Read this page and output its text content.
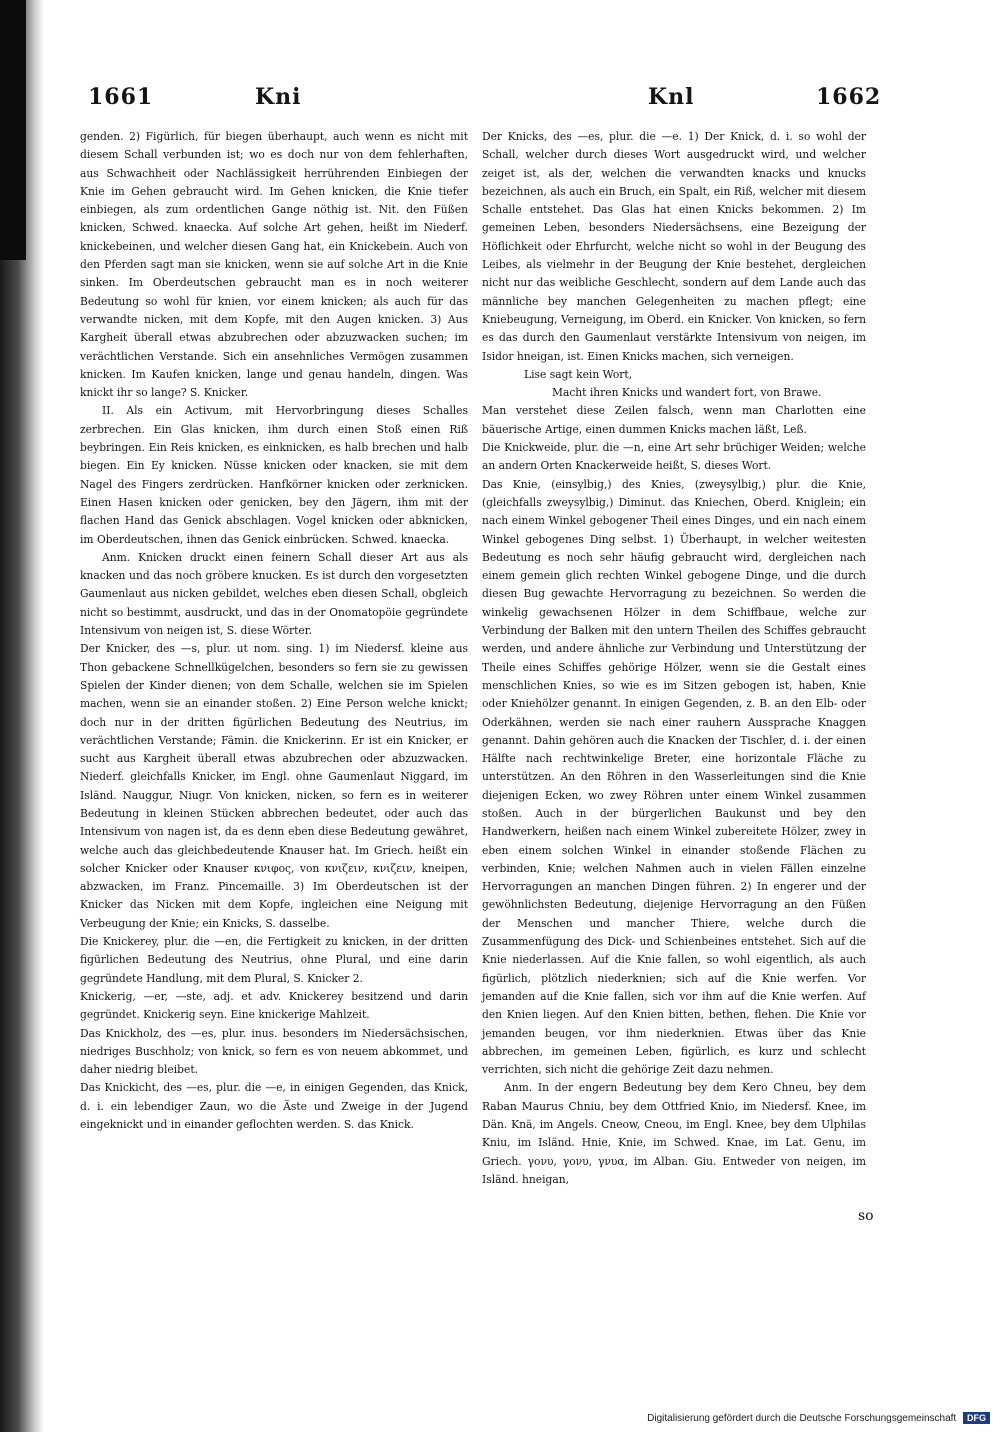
1661	Kni	Knl	1662

genden. 2) Figürlich, für biegen überhaupt, auch wenn es nicht mit diesem Schall verbunden ist; wo es doch nur von dem fehlerhaften, aus Schwachheit oder Nachlässigkeit herrührenden Einbiegen der Knie im Gehen gebraucht wird. Im Gehen knicken, die Knie tiefer einbiegen, als zum ordentlichen Gange nöthig ist. Nit. den Füßen knicken, Schwed. knaecka. Auf solche Art gehen, heißt im Niederf. knickebeinen, und welcher diesen Gang hat, ein Knickebein. Auch von den Pferden sagt man sie knicken, wenn sie auf solche Art in die Knie sinken. Im Oberdeutschen gebraucht man es in noch weiterer Bedeutung so wohl für knien, vor einem knicken; als auch für das verwandte nicken, mit dem Kopfe, mit den Augen knicken. 3) Aus Kargheit überall etwas abzubrechen oder abzuzwacken suchen; im verächtlichen Verstande. Sich ein ansehnliches Vermögen zusammen knicken. Im Kaufen knicken, lange und genau handeln, dingen. Was knickt ihr so lange? S. Knicker.

II. Als ein Activum, mit Hervorbringung dieses Schalles zerbrechen. Ein Glas knicken, ihm durch einen Stoß einen Riß beybringen. Ein Reis knicken, es einknicken, es halb brechen und halb biegen. Ein Ey knicken. Nüsse knicken oder knacken, sie mit dem Nagel des Fingers zerdrücken. Hanfkörner knicken oder zerknicken. Einen Hasen knicken oder genicken, bey den Jägern, ihm mit der flachen Hand das Genick abschlagen. Vogel knicken oder abknicken, im Oberdeutschen, ihnen das Genick einbrücken. Schwed. knaecka.

Anm. Knicken druckt einen feinern Schall dieser Art aus als knacken und das noch gröbere knucken. Es ist durch den vorgesetzten Gaumenlaut aus nicken gebildet, welches eben diesen Schall, obgleich nicht so bestimmt, ausdruckt, und das in der Onomatopöie gegründete Intensivum von neigen ist, S. diese Wörter.

Der Knicker, des —s, plur. ut nom. sing. 1) im Niedersf. kleine aus Thon gebackene Schnellkügelchen, besonders so fern sie zu gewissen Spielen der Kinder dienen; von dem Schalle, welchen sie im Spielen machen, wenn sie an einander stoßen. 2) Eine Person welche knickt; doch nur in der dritten figürlichen Bedeutung des Neutrius, im verächtlichen Verstande; Fämin. die Knickerinn. Er ist ein Knicker, er sucht aus Kargheit überall etwas abzubrechen oder abzuzwacken. Niederf. gleichfalls Knicker, im Engl. ohne Gaumenlaut Niggard, im Isländ. Nauggur, Niugr. Von knicken, nicken, so fern es in weiterer Bedeutung in kleinen Stücken abbrechen bedeutet, oder auch das Intensivum von nagen ist, da es denn eben diese Bedeutung gewähret, welche auch das gleichbedeutende Knauser hat. Im Griech. heißt ein solcher Knicker oder Knauser κνιφος, von κνιζειν, κνιζειν, kneipen, abzwacken, im Franz. Pincemaille. 3) Im Oberdeutschen ist der Knicker das Nicken mit dem Kopfe, ingleichen eine Neigung mit Verbeugung der Knie; ein Knicks, S. dasselbe.

Die Knickerey, plur. die —en, die Fertigkeit zu knicken, in der dritten figürlichen Bedeutung des Neutrius, ohne Plural, und eine darin gegründete Handlung, mit dem Plural, S. Knicker 2.

Knickerig, —er, —ste, adj. et adv. Knickerey besitzend und darin gegründet. Knickerig seyn. Eine knickerige Mahlzeit.

Das Knickholz, des —es, plur. inus. besonders im Niedersächsischen, niedriges Buschholz; von knick, so fern es von neuem abkommet, und daher niedrig bleibet.

Das Knickicht, des —es, plur. die —e, in einigen Gegenden, das Knick, d. i. ein lebendiger Zaun, wo die Äste und Zweige in der Jugend eingeknickt und in einander geflochten werden. S. das Knick.

Der Knicks, des —es, plur. die —e. 1) Der Knick, d. i. so wohl der Schall, welcher durch dieses Wort ausgedruckt wird, und welcher zeiget ist, als der, welchen die verwandten knacks und knucks bezeichnen, als auch ein Bruch, ein Spalt, ein Riß, welcher mit diesem Schalle entstehet. Das Glas hat einen Knicks bekommen. 2) Im gemeinen Leben, besonders Niedersächsens, eine Bezeigung der Höflichkeit oder Ehrfurcht, welche nicht so wohl in der Beugung des Leibes, als vielmehr in der Beugung der Knie bestehet, dergleichen nicht nur das weibliche Geschlecht, sondern auf dem Lande auch das männliche bey manchen Gelegenheiten zu machen pflegt; eine Kniebeugung, Verneigung, im Oberd. ein Knicker. Von knicken, so fern es das durch den Gaumenlaut verstärkte Intensivum von neigen, im Isidor hneigan, ist. Einen Knicks machen, sich verneigen.

Lise sagt kein Wort,

Macht ihren Knicks und wandert fort, von Brawe.

Man verstehet diese Zeilen falsch, wenn man Charlotten eine bäuerische Artige, einen dummen Knicks machen läßt, Leß.

Die Knickweide, plur. die —n, eine Art sehr brüchiger Weiden; welche an andern Orten Knackerweide heißt, S. dieses Wort.

Das Knie, (einsylbig,) des Knies, (zweysylbig,) plur. die Knie, (gleichfalls zweysylbig,) Diminut. das Kniechen, Oberd. Kniglein; ein nach einem Winkel gebogener Theil eines Dinges, und ein nach einem Winkel gebogenes Ding selbst. 1) Überhaupt, in welcher weitesten Bedeutung es noch sehr häufig gebraucht wird, dergleichen nach einem gemein glich rechten Winkel gebogene Dinge, und die durch diesen Bug gewachte Hervorragung zu bezeichnen. So werden die winkelig gewachsenen Hölzer in dem Schiffbaue, welche zur Verbindung der Balken mit den untern Theilen des Schiffes gebraucht werden, und andere ähnliche zur Verbindung und Unterstützung der Theile eines Schiffes gehörige Hölzer, wenn sie die Gestalt eines menschlichen Knies, so wie es im Sitzen gebogen ist, haben, Knie oder Kniehölzer genannt. In einigen Gegenden, z. B. an den Elb- oder Oderkähnen, werden sie nach einer rauhern Aussprache Knaggen genannt. Dahin gehören auch die Knacken der Tischler, d. i. der einen Hälfte nach rechtwinkelige Breter, eine horizontale Fläche zu unterstützen. An den Röhren in den Wasserleitungen sind die Knie diejenigen Ecken, wo zwey Röhren unter einem Winkel zusammen stoßen. Auch in der bürgerlichen Baukunst und bey den Handwerkern, heißen nach einem Winkel zubereitete Hölzer, zwey in eben einem solchen Winkel in einander stoßende Flächen zu verbinden, Knie; welchen Nahmen auch in vielen Fällen einzelne Hervorragungen an manchen Dingen führen. 2) In engerer und der gewöhnlichsten Bedeutung, diejenige Hervorragung an den Füßen der Menschen und mancher Thiere, welche durch die Zusammenfügung des Dick- und Schienbeines entstehet. Sich auf die Knie niederlassen. Auf die Knie fallen, so wohl eigentlich, als auch figürlich, plötzlich niederknien; sich auf die Knie werfen. Vor jemanden auf die Knie fallen, sich vor ihm auf die Knie werfen. Auf den Knien liegen. Auf den Knien bitten, bethen, flehen. Die Knie vor jemanden beugen, vor ihm niederknien. Etwas über das Knie abbrechen, im gemeinen Leben, figürlich, es kurz und schlecht verrichten, sich nicht die gehörige Zeit dazu nehmen.

Anm. In der engern Bedeutung bey dem Kero Chneu, bey dem Raban Maurus Chniu, bey dem Ottfried Knio, im Niedersf. Knee, im Dän. Knä, im Angels. Cneow, Cneou, im Engl. Knee, bey dem Ulphilas Kniu, im Isländ. Hnie, Knie, im Schwed. Knae, im Lat. Genu, im Griech. γονυ, γονυ, γνυα, im Alban. Giu. Entweder von neigen, im Isländ. hneigan,

so
Digitalisierung gefördert durch die Deutsche Forschungsgemeinschaft DFG
